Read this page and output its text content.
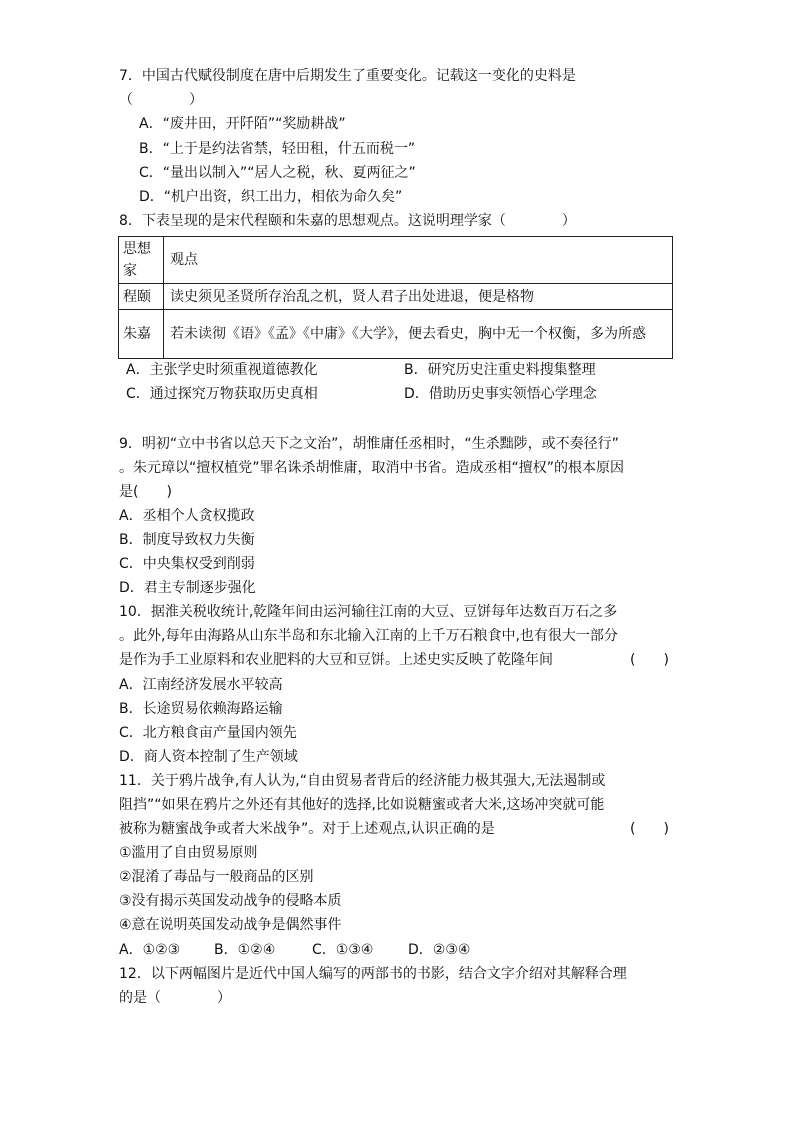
7．中国古代赋役制度在唐中后期发生了重要变化。记载这一变化的史料是
（　　　　）
A．“废井田，开阡陌”“奖励耕战”
B．“上于是约法省禁，轻田租，什五而税一”
C．“量出以制入”“居人之税，秋、夏两征之”
D．“机户出资，织工出力，相依为命久矣”
8．下表呈现的是宋代程颐和朱嘉的思想观点。这说明理学家（　　　　）
思想家	观点
程颐	读史须见圣贤所存治乱之机，贤人君子出处进退，便是格物
朱嘉	若未读彻《语》《孟》《中庸》《大学》，便去看史，胸中无一个权衡，多为所惑
A．主张学史时须重视道德教化	B．研究历史注重史料搜集整理
C．通过探究万物获取历史真相	D．借助历史事实领悟心学理念
9．明初“立中书省以总天下之文治”，胡惟庸任丞相时，“生杀黜陟，或不奏径行”
。朱元璋以“擅权植党”罪名诛杀胡惟庸，取消中书省。造成丞相“擅权”的根本原因
是(　　)
A．丞相个人贪权揽政
B．制度导致权力失衡
C．中央集权受到削弱
D．君主专制逐步强化
10．据淮关税收统计,乾隆年间由运河输往江南的大豆、豆饼每年达数百万石之多
。此外,每年由海路从山东半岛和东北输入江南的上千万石粮食中,也有很大一部分
是作为手工业原料和农业肥料的大豆和豆饼。上述史实反映了乾隆年间	(　　)
A．江南经济发展水平较高
B．长途贸易依赖海路运输
C．北方粮食亩产量国内领先
D．商人资本控制了生产领域
11．关于鸦片战争,有人认为,“自由贸易者背后的经济能力极其强大,无法遏制或
阻挡”“如果在鸦片之外还有其他好的选择,比如说糖蜜或者大米,这场冲突就可能
被称为糖蜜战争或者大米战争”。对于上述观点,认识正确的是	(　　)
①滥用了自由贸易原则
②混淆了毒品与一般商品的区别
③没有揭示英国发动战争的侵略本质
④意在说明英国发动战争是偶然事件
A．①②③ B．①②④	C．①③④ D．②③④
12．以下两幅图片是近代中国人编写的两部书的书影，结合文字介绍对其解释合理
的是（　　　　）
